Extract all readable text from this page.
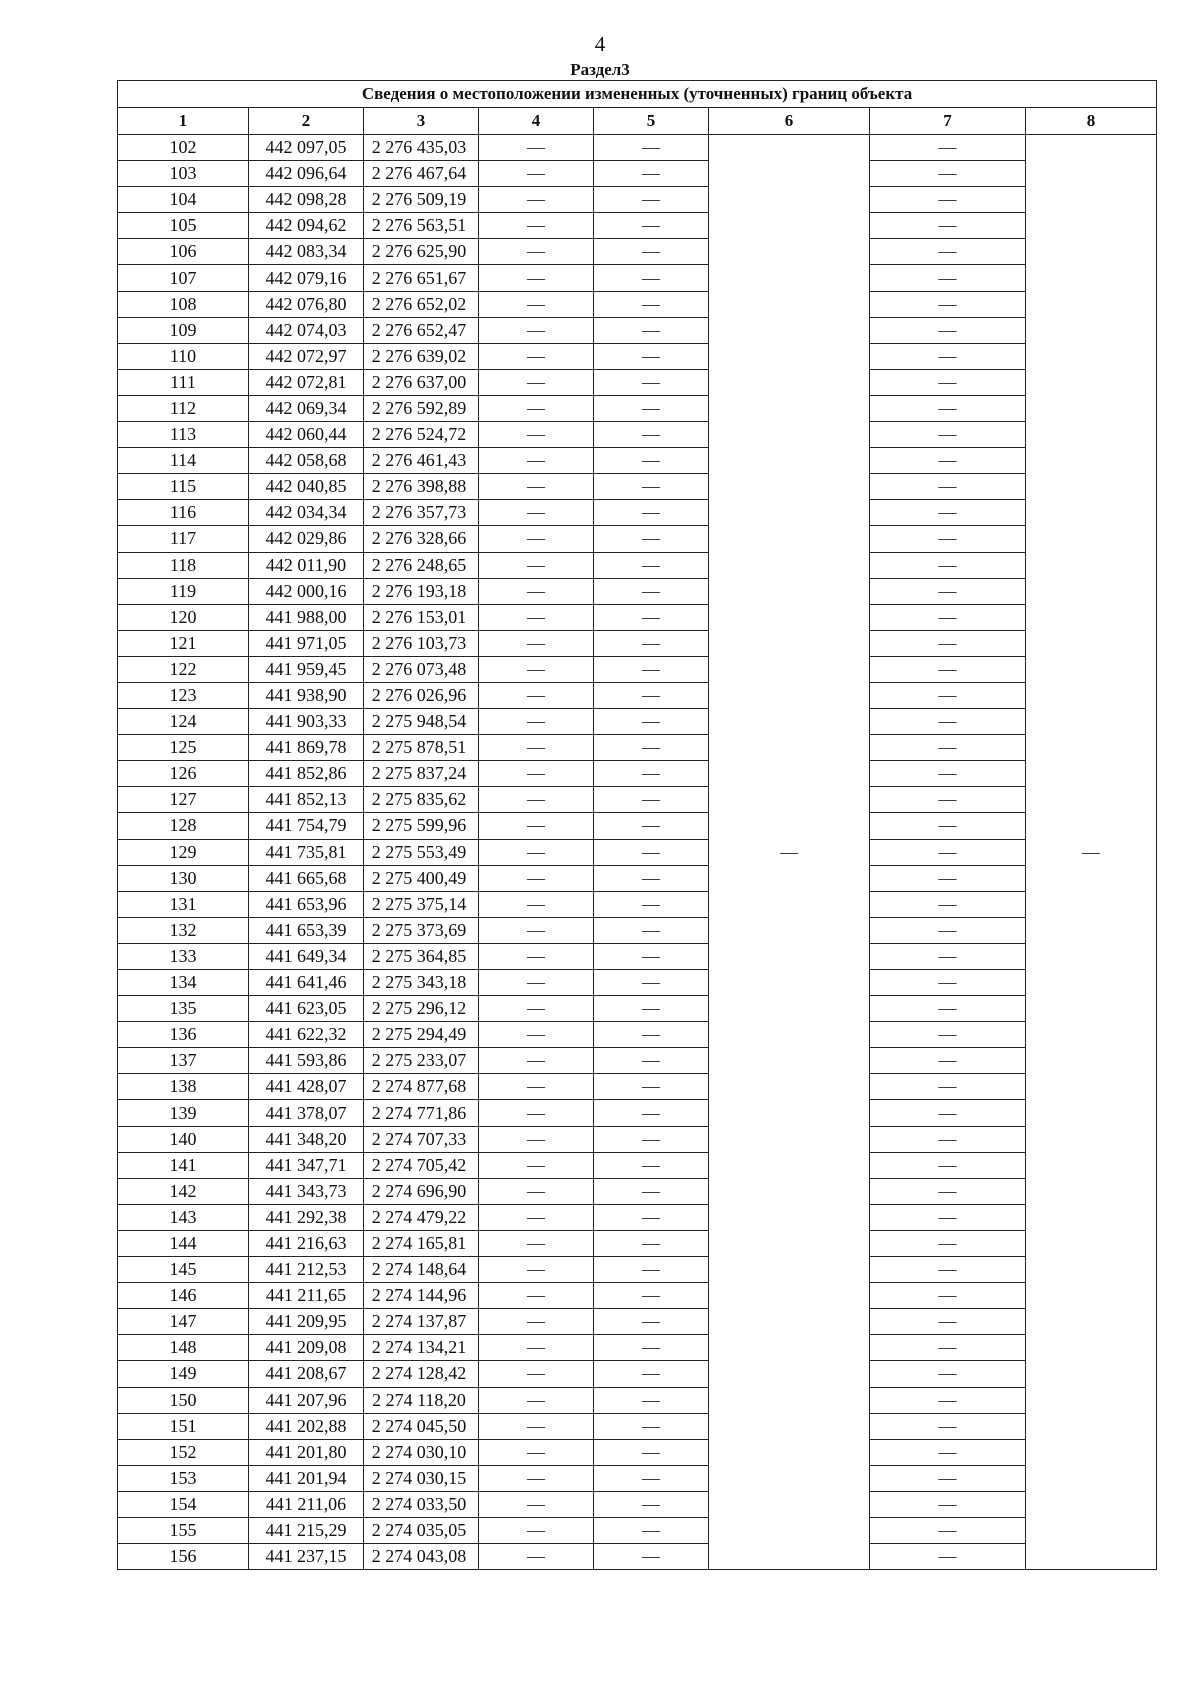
4
Раздел3
Сведения о местоположении измененных (уточненных) границ объекта							
1	2	3	4	5	6	7	8
102	442 097,05	2 276 435,03	—	—	—	—	—
103	442 096,64	2 276 467,64	—	—		—	
104	442 098,28	2 276 509,19	—	—		—	
105	442 094,62	2 276 563,51	—	—		—	
106	442 083,34	2 276 625,90	—	—		—	
107	442 079,16	2 276 651,67	—	—		—	
108	442 076,80	2 276 652,02	—	—		—	
109	442 074,03	2 276 652,47	—	—		—	
110	442 072,97	2 276 639,02	—	—		—	
111	442 072,81	2 276 637,00	—	—		—	
112	442 069,34	2 276 592,89	—	—		—	
113	442 060,44	2 276 524,72	—	—		—	
114	442 058,68	2 276 461,43	—	—		—	
115	442 040,85	2 276 398,88	—	—		—	
116	442 034,34	2 276 357,73	—	—		—	
117	442 029,86	2 276 328,66	—	—		—	
118	442 011,90	2 276 248,65	—	—		—	
119	442 000,16	2 276 193,18	—	—		—	
120	441 988,00	2 276 153,01	—	—		—	
121	441 971,05	2 276 103,73	—	—		—	
122	441 959,45	2 276 073,48	—	—		—	
123	441 938,90	2 276 026,96	—	—		—	
124	441 903,33	2 275 948,54	—	—		—	
125	441 869,78	2 275 878,51	—	—		—	
126	441 852,86	2 275 837,24	—	—		—	
127	441 852,13	2 275 835,62	—	—		—	
128	441 754,79	2 275 599,96	—	—		—	
129	441 735,81	2 275 553,49	—	—		—	
130	441 665,68	2 275 400,49	—	—		—	
131	441 653,96	2 275 375,14	—	—		—	
132	441 653,39	2 275 373,69	—	—		—	
133	441 649,34	2 275 364,85	—	—		—	
134	441 641,46	2 275 343,18	—	—		—	
135	441 623,05	2 275 296,12	—	—		—	
136	441 622,32	2 275 294,49	—	—		—	
137	441 593,86	2 275 233,07	—	—		—	
138	441 428,07	2 274 877,68	—	—		—	
139	441 378,07	2 274 771,86	—	—		—	
140	441 348,20	2 274 707,33	—	—		—	
141	441 347,71	2 274 705,42	—	—		—	
142	441 343,73	2 274 696,90	—	—		—	
143	441 292,38	2 274 479,22	—	—		—	
144	441 216,63	2 274 165,81	—	—		—	
145	441 212,53	2 274 148,64	—	—		—	
146	441 211,65	2 274 144,96	—	—		—	
147	441 209,95	2 274 137,87	—	—		—	
148	441 209,08	2 274 134,21	—	—		—	
149	441 208,67	2 274 128,42	—	—		—	
150	441 207,96	2 274 118,20	—	—		—	
151	441 202,88	2 274 045,50	—	—		—	
152	441 201,80	2 274 030,10	—	—		—	
153	441 201,94	2 274 030,15	—	—		—	
154	441 211,06	2 274 033,50	—	—		—	
155	441 215,29	2 274 035,05	—	—		—	
156	441 237,15	2 274 043,08	—	—		—	
